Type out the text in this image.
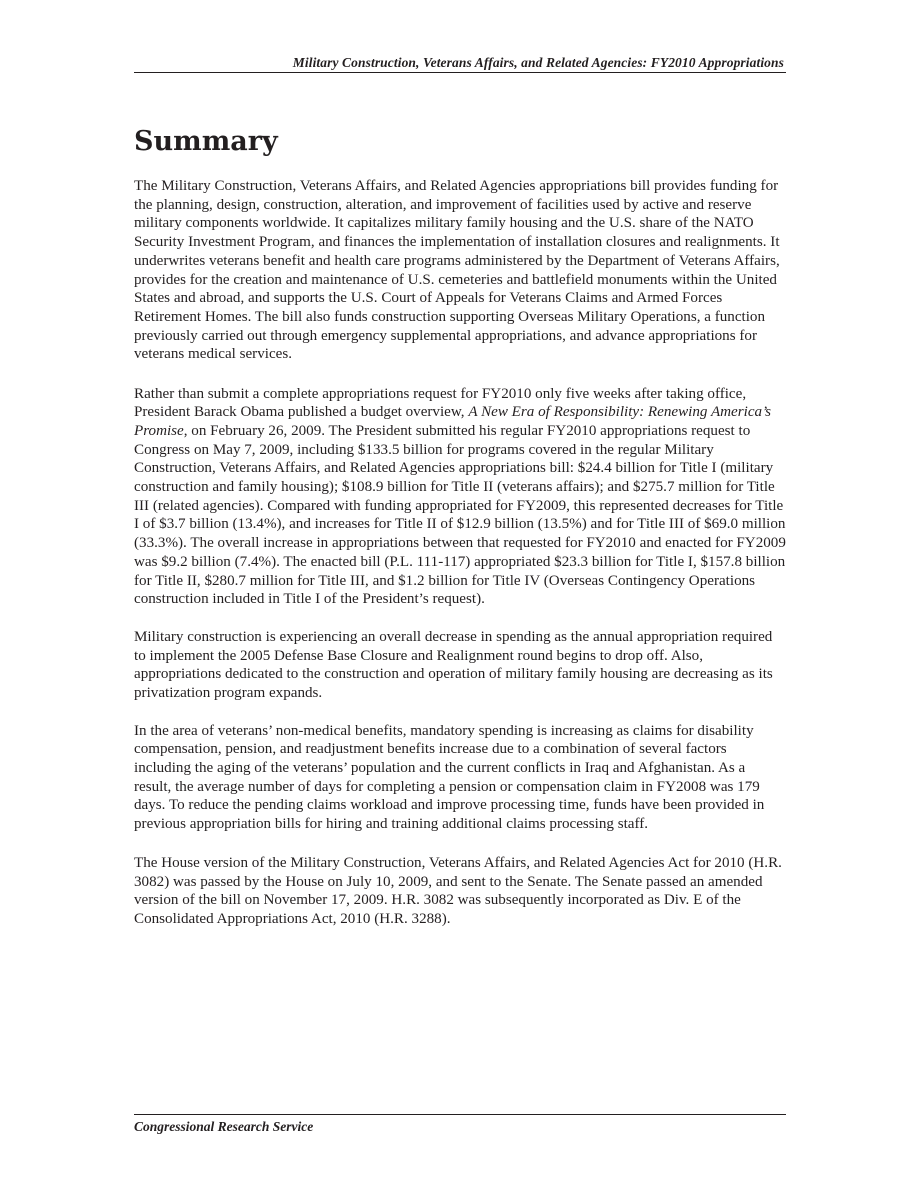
Military Construction, Veterans Affairs, and Related Agencies: FY2010 Appropriations
Summary

The Military Construction, Veterans Affairs, and Related Agencies appropriations bill provides funding for the planning, design, construction, alteration, and improvement of facilities used by active and reserve military components worldwide. It capitalizes military family housing and the U.S. share of the NATO Security Investment Program, and finances the implementation of installation closures and realignments. It underwrites veterans benefit and health care programs administered by the Department of Veterans Affairs, provides for the creation and maintenance of U.S. cemeteries and battlefield monuments within the United States and abroad, and supports the U.S. Court of Appeals for Veterans Claims and Armed Forces Retirement Homes. The bill also funds construction supporting Overseas Military Operations, a function previously carried out through emergency supplemental appropriations, and advance appropriations for veterans medical services.

Rather than submit a complete appropriations request for FY2010 only five weeks after taking office, President Barack Obama published a budget overview, A New Era of Responsibility: Renewing America’s Promise, on February 26, 2009. The President submitted his regular FY2010 appropriations request to Congress on May 7, 2009, including $133.5 billion for programs covered in the regular Military Construction, Veterans Affairs, and Related Agencies appropriations bill: $24.4 billion for Title I (military construction and family housing); $108.9 billion for Title II (veterans affairs); and $275.7 million for Title III (related agencies). Compared with funding appropriated for FY2009, this represented decreases for Title I of $3.7 billion (13.4%), and increases for Title II of $12.9 billion (13.5%) and for Title III of $69.0 million (33.3%). The overall increase in appropriations between that requested for FY2010 and enacted for FY2009 was $9.2 billion (7.4%). The enacted bill (P.L. 111-117) appropriated $23.3 billion for Title I, $157.8 billion for Title II, $280.7 million for Title III, and $1.2 billion for Title IV (Overseas Contingency Operations construction included in Title I of the President’s request).

Military construction is experiencing an overall decrease in spending as the annual appropriation required to implement the 2005 Defense Base Closure and Realignment round begins to drop off. Also, appropriations dedicated to the construction and operation of military family housing are decreasing as its privatization program expands.

In the area of veterans’ non-medical benefits, mandatory spending is increasing as claims for disability compensation, pension, and readjustment benefits increase due to a combination of several factors including the aging of the veterans’ population and the current conflicts in Iraq and Afghanistan. As a result, the average number of days for completing a pension or compensation claim in FY2008 was 179 days. To reduce the pending claims workload and improve processing time, funds have been provided in previous appropriation bills for hiring and training additional claims processing staff.

The House version of the Military Construction, Veterans Affairs, and Related Agencies Act for 2010 (H.R. 3082) was passed by the House on July 10, 2009, and sent to the Senate. The Senate passed an amended version of the bill on November 17, 2009. H.R. 3082 was subsequently incorporated as Div. E of the Consolidated Appropriations Act, 2010 (H.R. 3288).

Congressional Research Service
